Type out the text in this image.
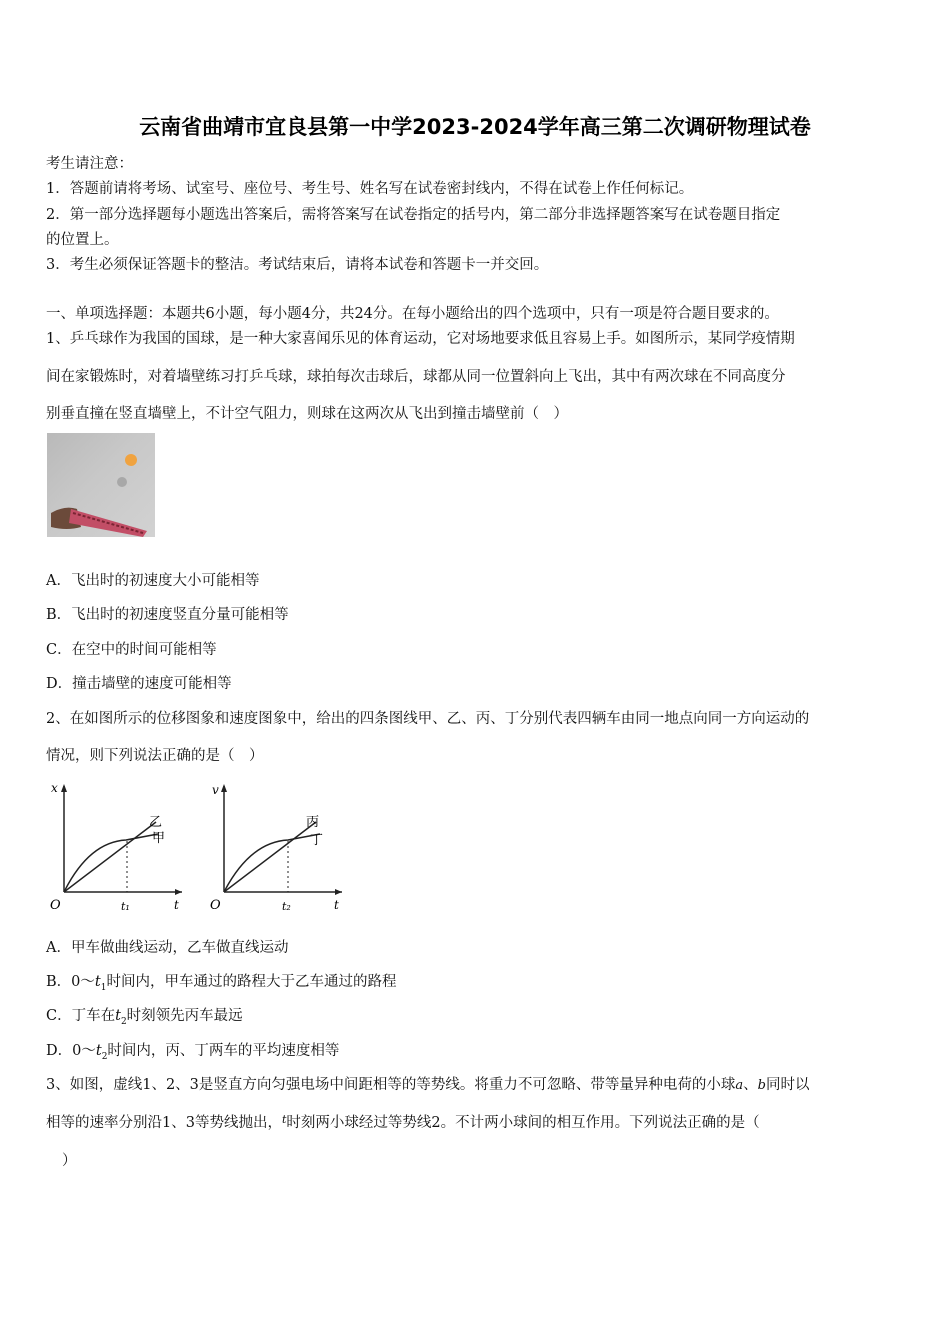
云南省曲靖市宜良县第一中学2023-2024学年高三第二次调研物理试卷
考生请注意：
1．答题前请将考场、试室号、座位号、考生号、姓名写在试卷密封线内，不得在试卷上作任何标记。
2．第一部分选择题每小题选出答案后，需将答案写在试卷指定的括号内，第二部分非选择题答案写在试卷题目指定
的位置上。
3．考生必须保证答题卡的整洁。考试结束后，请将本试卷和答题卡一并交回。
一、单项选择题：本题共6小题，每小题4分，共24分。在每小题给出的四个选项中，只有一项是符合题目要求的。
1、乒乓球作为我国的国球，是一种大家喜闻乐见的体育运动，它对场地要求低且容易上手。如图所示，某同学疫情期
间在家锻炼时，对着墙壁练习打乒乓球，球拍每次击球后，球都从同一位置斜向上飞出，其中有两次球在不同高度分
别垂直撞在竖直墙壁上，不计空气阻力，则球在这两次从飞出到撞击墙壁前（　）
A．飞出时的初速度大小可能相等
B．飞出时的初速度竖直分量可能相等
C．在空中的时间可能相等
D．撞击墙壁的速度可能相等
2、在如图所示的位移图象和速度图象中，给出的四条图线甲、乙、丙、丁分别代表四辆车由同一地点向同一方向运动的
情况，则下列说法正确的是（　）
x
O	t
t₁
乙
甲
v
O	t
t₂
丙
丁
A．甲车做曲线运动，乙车做直线运动
B．$0\sim t_1$时间内，甲车通过的路程大于乙车通过的路程
C．丁车在$t_2$时刻领先丙车最远
D．$0\sim t_2$时间内，丙、丁两车的平均速度相等
3、如图，虚线1、2、3是竖直方向匀强电场中间距相等的等势线。将重力不可忽略、带等量异种电荷的小球a、b同时以
相等的速率分别沿1、3等势线抛出，$^t$时刻两小球经过等势线2。不计两小球间的相互作用。下列说法正确的是（
）
